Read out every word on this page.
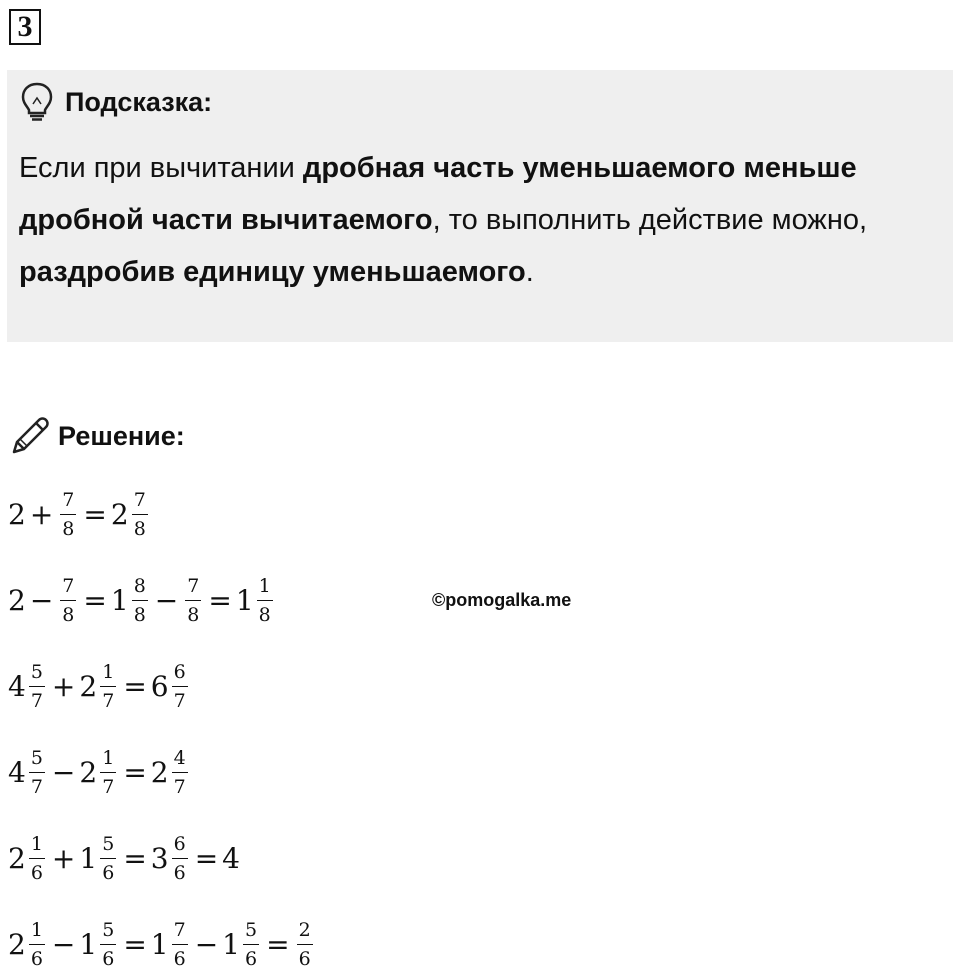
3
Подсказка:
Если при вычитании дробная часть уменьшаемого меньше дробной части вычитаемого, то выполнить действие можно, раздробив единицу уменьшаемого.
Решение:
©pomogalka.me
$2 + \frac{7}{8} = 2 \frac{7}{8}$
$2 - \frac{7}{8} = 1 \frac{8}{8} - \frac{7}{8} = 1 \frac{1}{8}$
$4 \frac{5}{7} + 2 \frac{1}{7} = 6 \frac{6}{7}$
$4 \frac{5}{7} - 2 \frac{1}{7} = 2 \frac{4}{7}$
$2 \frac{1}{6} + 1 \frac{5}{6} = 3 \frac{6}{6} = 4$
$2 \frac{1}{6} - 1 \frac{5}{6} = 1 \frac{7}{6} - 1 \frac{5}{6} = \frac{2}{6}$
